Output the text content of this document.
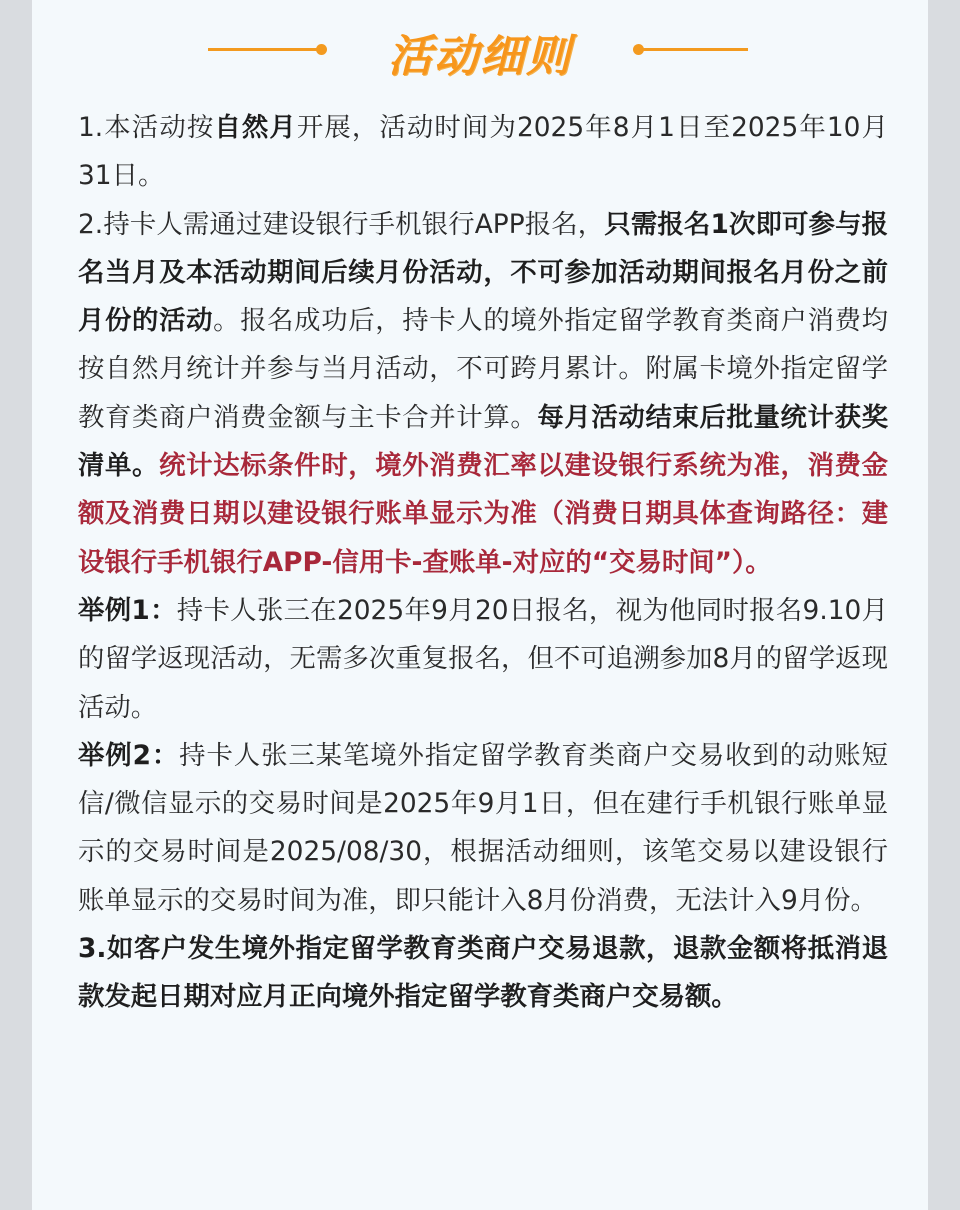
活动细则

1.本活动按自然月开展，活动时间为2025年8月1日至2025年10月31日。

2.持卡人需通过建设银行手机银行APP报名，只需报名1次即可参与报名当月及本活动期间后续月份活动，不可参加活动期间报名月份之前月份的活动。报名成功后，持卡人的境外指定留学教育类商户消费均按自然月统计并参与当月活动，不可跨月累计。附属卡境外指定留学教育类商户消费金额与主卡合并计算。每月活动结束后批量统计获奖清单。统计达标条件时，境外消费汇率以建设银行系统为准，消费金额及消费日期以建设银行账单显示为准（消费日期具体查询路径：建设银行手机银行APP-信用卡-查账单-对应的“交易时间”）。

举例1：持卡人张三在2025年9月20日报名，视为他同时报名9.10月的留学返现活动，无需多次重复报名，但不可追溯参加8月的留学返现活动。

举例2：持卡人张三某笔境外指定留学教育类商户交易收到的动账短信/微信显示的交易时间是2025年9月1日，但在建行手机银行账单显示的交易时间是2025/08/30，根据活动细则，该笔交易以建设银行账单显示的交易时间为准，即只能计入8月份消费，无法计入9月份。

3.如客户发生境外指定留学教育类商户交易退款，退款金额将抵消退款发起日期对应月正向境外指定留学教育类商户交易额。
